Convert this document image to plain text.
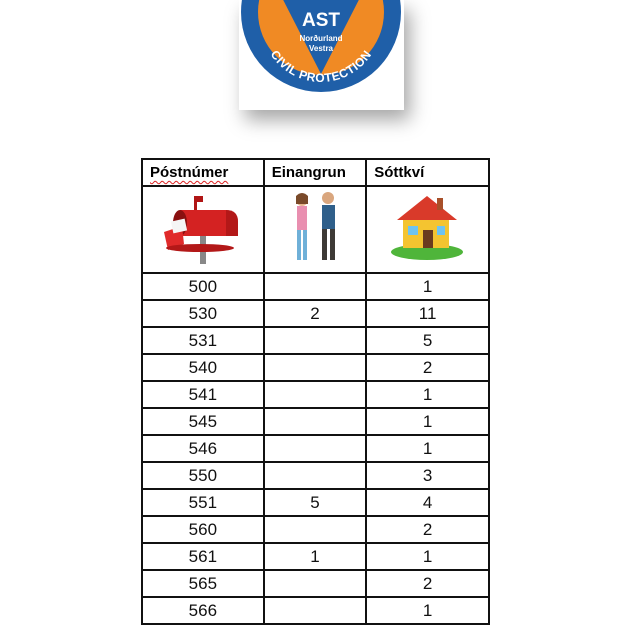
AST
Norðurland
Vestra
CIVIL PROTECTION
Póstnúmer	Einangrun	Sóttkví

500		1
530	2	11
531		5
540		2
541		1
545		1
546		1
550		3
551	5	4
560		2
561	1	1
565		2
566		1
